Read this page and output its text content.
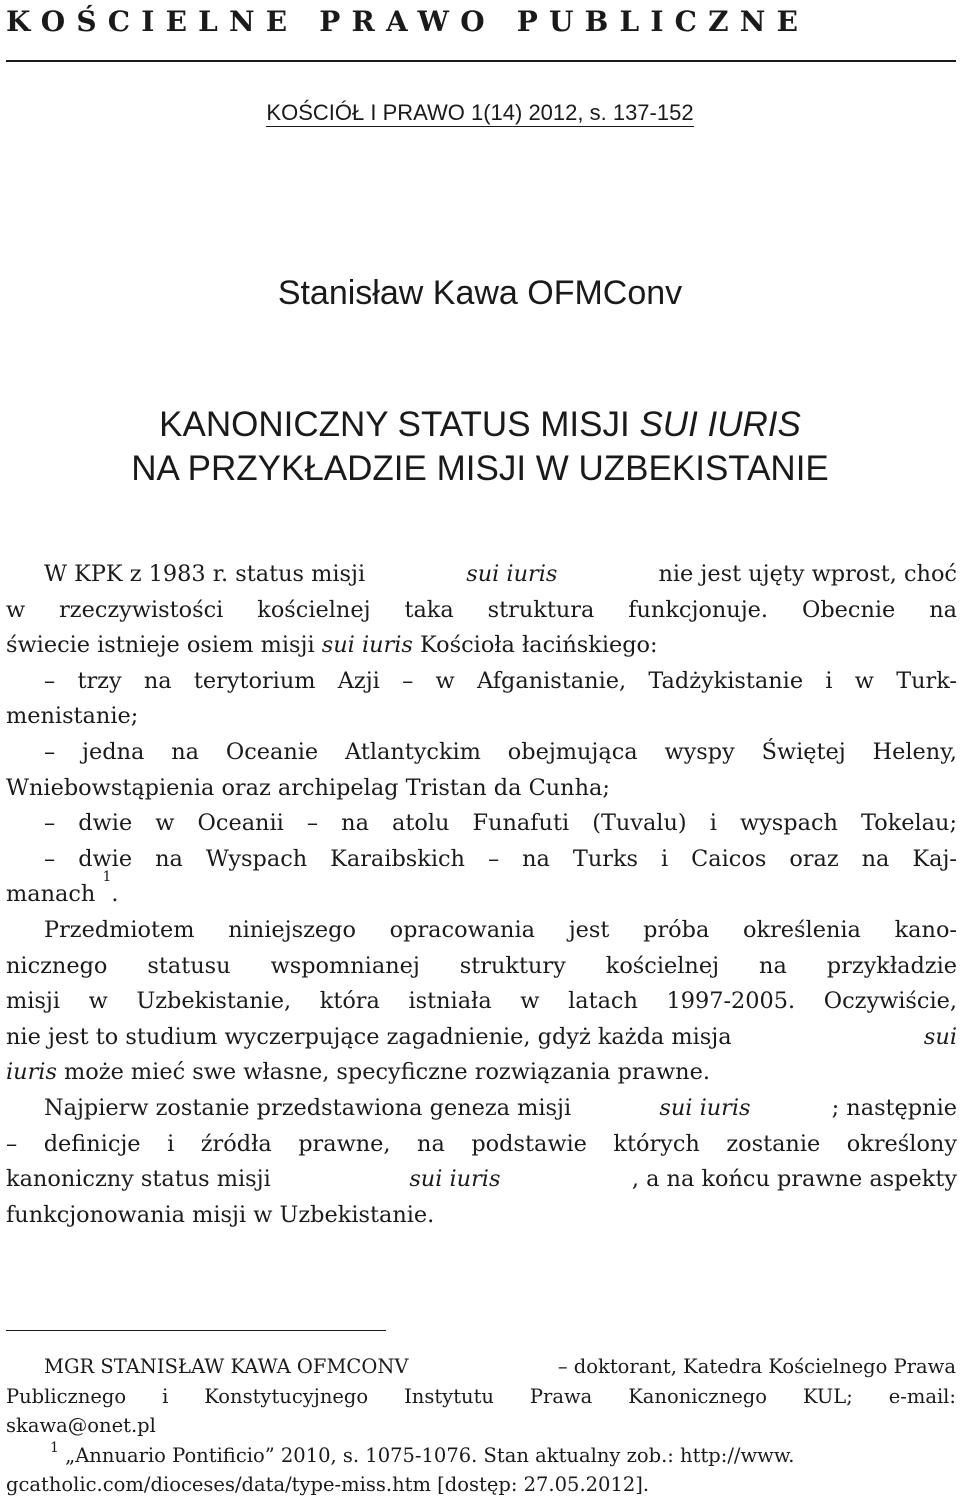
KOŚCIELNE PRAWO PUBLICZNE
KOŚCIÓŁ I PRAWO 1(14) 2012, s. 137-152
Stanisław Kawa OFMConv
KANONICZNY STATUS MISJI SUI IURIS
NA PRZYKŁADZIE MISJI W UZBEKISTANIE
W KPK z 1983 r. status misji	sui iuris	nie jest ujęty wprost, choć
w rzeczywistości kościelnej taka struktura funkcjonuje. Obecnie na
świecie istnieje osiem misji sui iuris Kościoła łacińskiego:
– trzy na terytorium Azji – w Afganistanie, Tadżykistanie i w Turk-
menistanie;
– jedna na Oceanie Atlantyckim obejmująca wyspy Świętej Heleny,
Wniebowstąpienia oraz archipelag Tristan da Cunha;
– dwie w Oceanii – na atolu Funafuti (Tuvalu) i wyspach Tokelau;
– dwie na Wyspach Karaibskich – na Turks i Caicos oraz na Kaj-
manach

1
.
Przedmiotem niniejszego opracowania jest próba określenia kano-
nicznego statusu wspomnianej struktury kościelnej na przykładzie
misji w Uzbekistanie, która istniała w latach 1997-2005. Oczywiście,
nie jest to studium wyczerpujące zagadnienie, gdyż każda misja	sui
iuris może mieć swe własne, specyficzne rozwiązania prawne.
Najpierw zostanie przedstawiona geneza misji	sui iuris	; następnie
– definicje i źródła prawne, na podstawie których zostanie określony
kanoniczny status misji	sui iuris	, a na końcu prawne aspekty
funkcjonowania misji w Uzbekistanie.
MGR STANISŁAW KAWA OFMCONV	– doktorant, Katedra Kościelnego Prawa
Publicznego i Konstytucyjnego Instytutu Prawa Kanonicznego KUL; e-mail:
skawa@onet.pl
$^1$ „Annuario Pontificio” 2010, s. 1075-1076. Stan aktualny zob.: http://www.
gcatholic.com/dioceses/data/type-miss.htm [dostęp: 27.05.2012].
